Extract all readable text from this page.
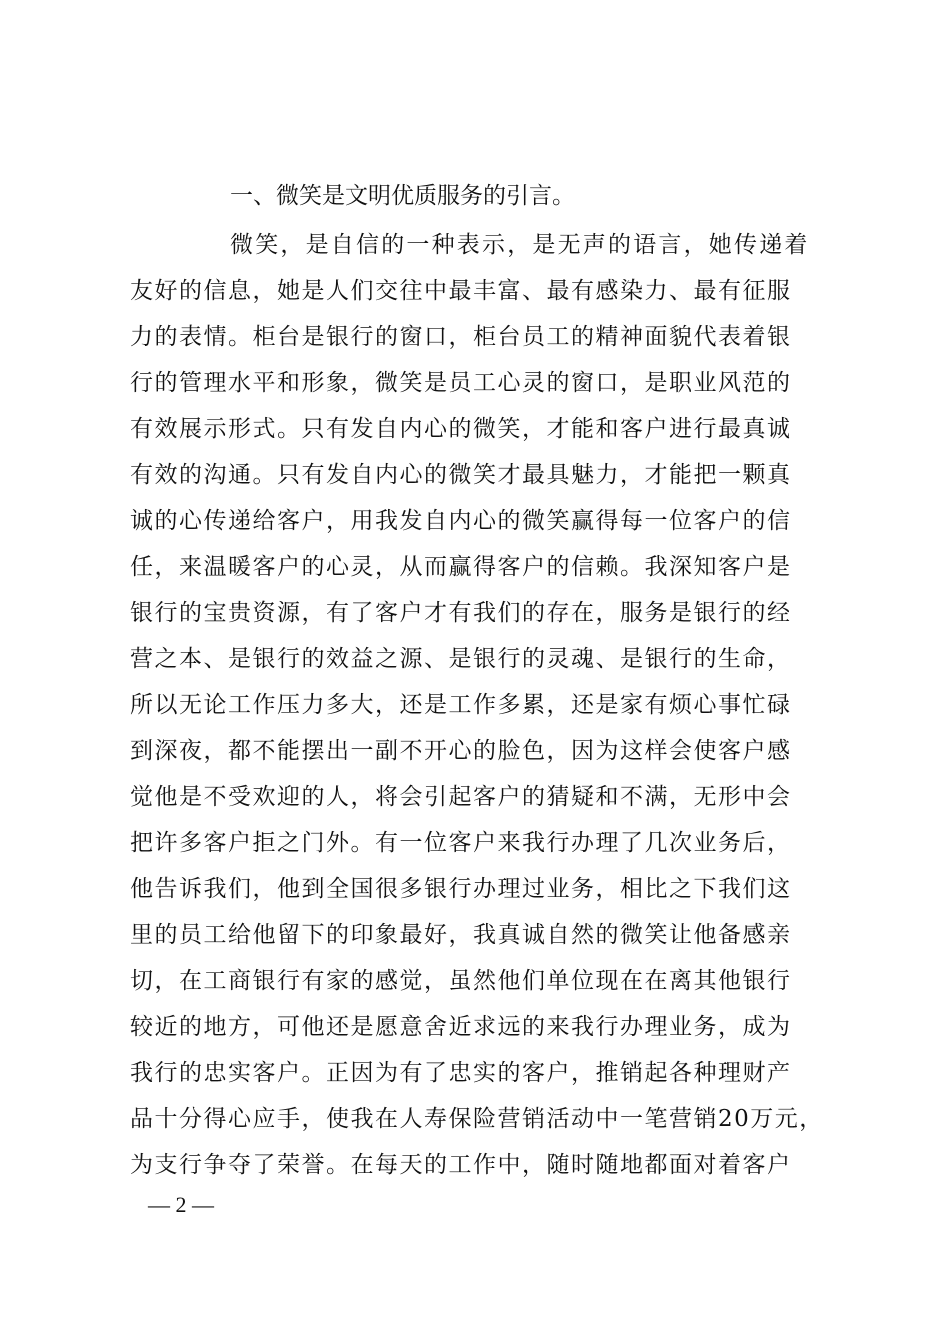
一、微笑是文明优质服务的引言。
微笑，是自信的一种表示，是无声的语言，她传递着
友好的信息，她是人们交往中最丰富、最有感染力、最有征服
力的表情。柜台是银行的窗口，柜台员工的精神面貌代表着银
行的管理水平和形象，微笑是员工心灵的窗口，是职业风范的
有效展示形式。只有发自内心的微笑，才能和客户进行最真诚
有效的沟通。只有发自内心的微笑才最具魅力，才能把一颗真
诚的心传递给客户，用我发自内心的微笑赢得每一位客户的信
任，来温暖客户的心灵，从而赢得客户的信赖。我深知客户是
银行的宝贵资源，有了客户才有我们的存在，服务是银行的经
营之本、是银行的效益之源、是银行的灵魂、是银行的生命，
所以无论工作压力多大，还是工作多累，还是家有烦心事忙碌
到深夜，都不能摆出一副不开心的脸色，因为这样会使客户感
觉他是不受欢迎的人，将会引起客户的猜疑和不满，无形中会
把许多客户拒之门外。有一位客户来我行办理了几次业务后，
他告诉我们，他到全国很多银行办理过业务，相比之下我们这
里的员工给他留下的印象最好，我真诚自然的微笑让他备感亲
切，在工商银行有家的感觉，虽然他们单位现在在离其他银行
较近的地方，可他还是愿意舍近求远的来我行办理业务，成为
我行的忠实客户。正因为有了忠实的客户，推销起各种理财产
品十分得心应手，使我在人寿保险营销活动中一笔营销20万元，
为支行争夺了荣誉。在每天的工作中，随时随地都面对着客户
— 2 —
